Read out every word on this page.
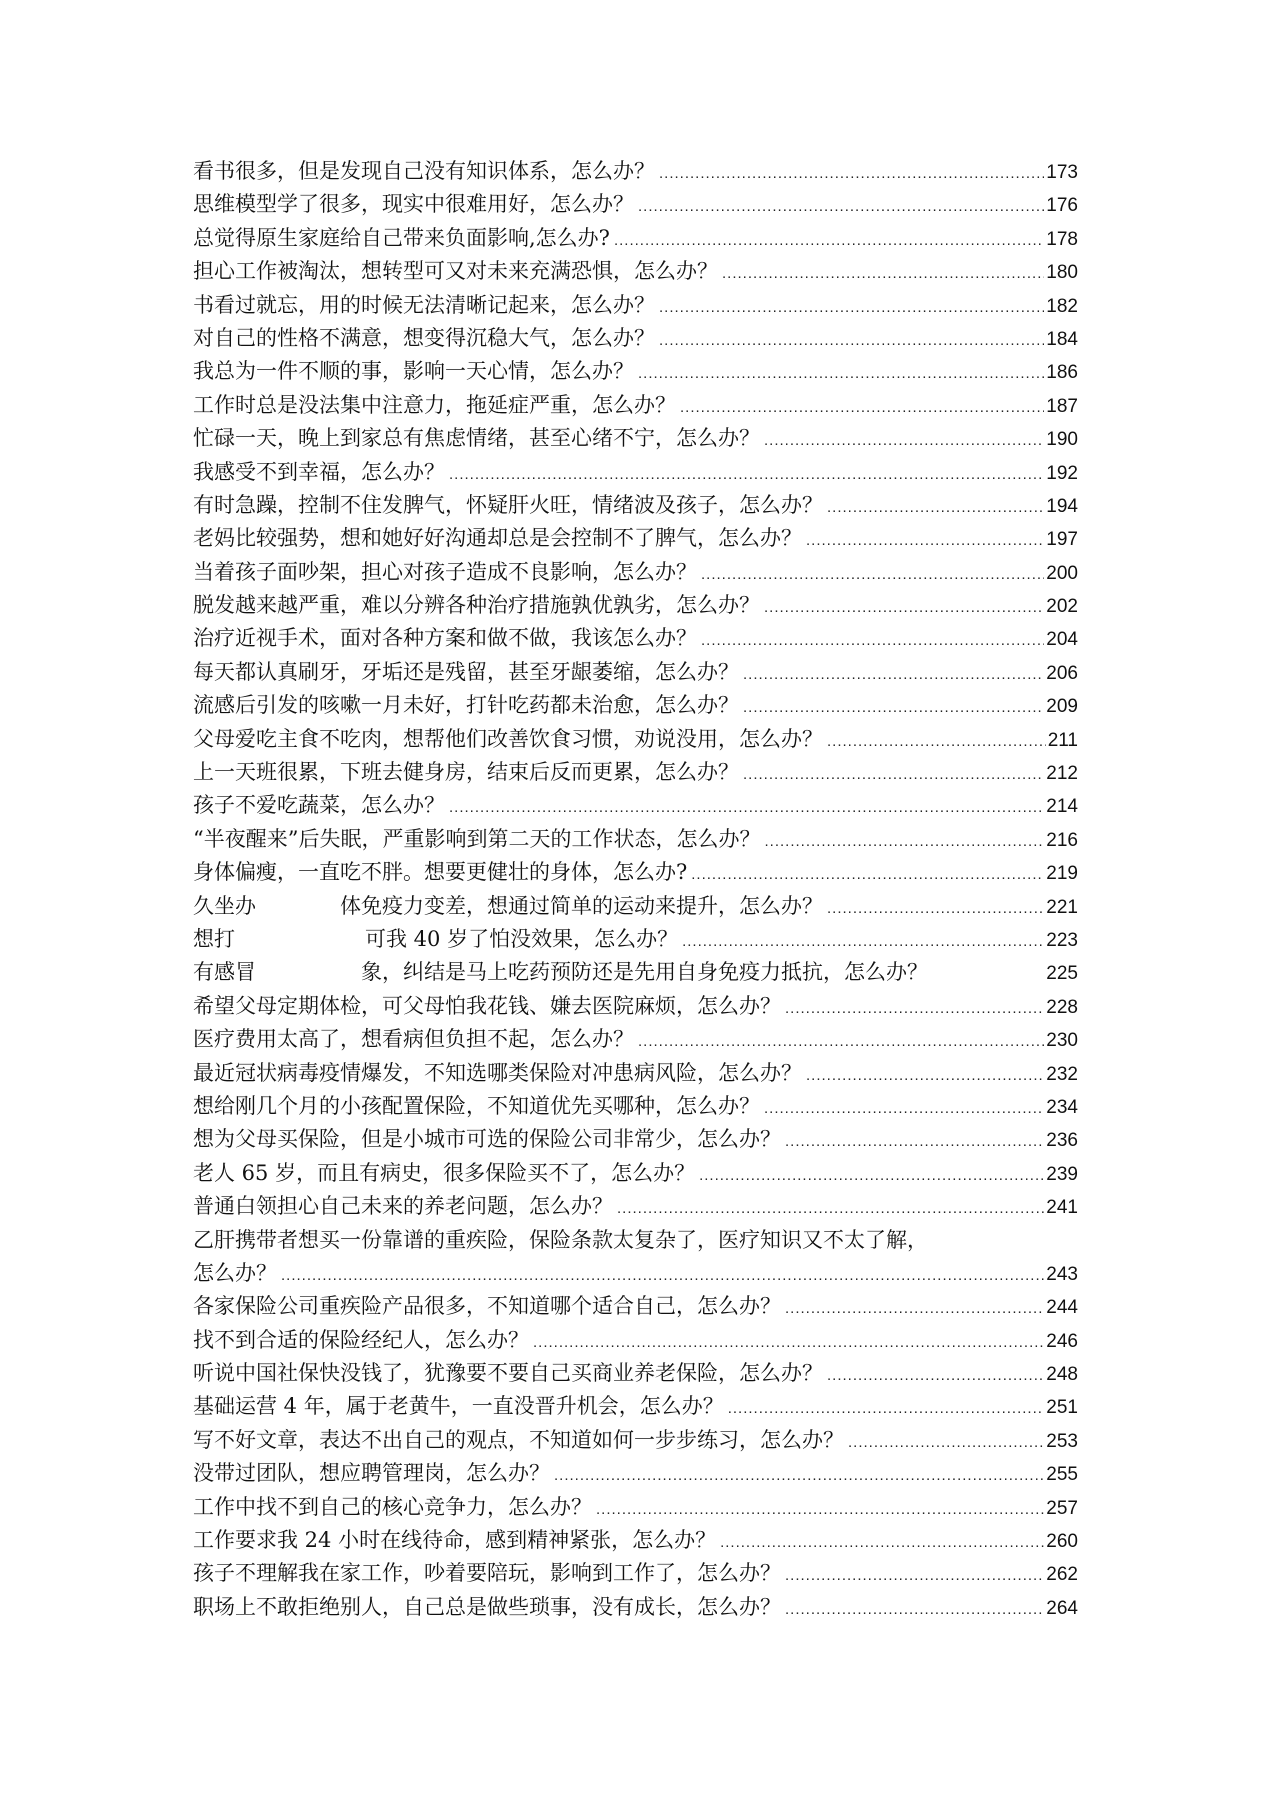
看书很多，但是发现自己没有知识体系，怎么办？ .....	173
思维模型学了很多，现实中很难用好，怎么办？ .....	176
总觉得原生家庭给自己带来负面影响,怎么办? .....	178
担心工作被淘汰，想转型可又对未来充满恐惧，怎么办？ .....	180
书看过就忘，用的时候无法清晰记起来，怎么办？ .....	182
对自己的性格不满意，想变得沉稳大气，怎么办？ .....	184
我总为一件不顺的事，影响一天心情，怎么办？ .....	186
工作时总是没法集中注意力，拖延症严重，怎么办？ .....	187
忙碌一天，晚上到家总有焦虑情绪，甚至心绪不宁，怎么办？ .....	190
我感受不到幸福，怎么办？ .....	192
有时急躁，控制不住发脾气，怀疑肝火旺，情绪波及孩子，怎么办？ .....	194
老妈比较强势，想和她好好沟通却总是会控制不了脾气，怎么办？ .....	197
当着孩子面吵架，担心对孩子造成不良影响，怎么办？ .....	200
脱发越来越严重，难以分辨各种治疗措施孰优孰劣，怎么办？ .....	202
治疗近视手术，面对各种方案和做不做，我该怎么办？ .....	204
每天都认真刷牙，牙垢还是残留，甚至牙龈萎缩，怎么办？ .....	206
流感后引发的咳嗽一月未好，打针吃药都未治愈，怎么办？ .....	209
父母爱吃主食不吃肉，想帮他们改善饮食习惯，劝说没用，怎么办？ .....	211
上一天班很累，下班去健身房，结束后反而更累，怎么办？ .....	212
孩子不爱吃蔬菜，怎么办？ .....	214
“半夜醒来”后失眠，严重影响到第二天的工作状态，怎么办？ .....	216
身体偏瘦，一直吃不胖。想要更健壮的身体，怎么办? .....	219
久坐办	体免疫力变差，想通过简单的运动来提升，怎么办？ .....	221
想打	可我 40 岁了怕没效果，怎么办？ .....	223
有感冒	象，纠结是马上吃药预防还是先用自身免疫力抵抗，怎么办？	225
希望父母定期体检，可父母怕我花钱、嫌去医院麻烦，怎么办？ .....	228
医疗费用太高了，想看病但负担不起，怎么办？ .....	230
最近冠状病毒疫情爆发，不知选哪类保险对冲患病风险，怎么办？ .....	232
想给刚几个月的小孩配置保险，不知道优先买哪种，怎么办？ .....	234
想为父母买保险，但是小城市可选的保险公司非常少，怎么办？ .....	236
老人 65 岁，而且有病史，很多保险买不了，怎么办？ .....	239
普通白领担心自己未来的养老问题，怎么办？ .....	241
乙肝携带者想买一份靠谱的重疾险，保险条款太复杂了，医疗知识又不太了解，
怎么办？ .....	243
各家保险公司重疾险产品很多，不知道哪个适合自己，怎么办？ .....	244
找不到合适的保险经纪人，怎么办？ .....	246
听说中国社保快没钱了，犹豫要不要自己买商业养老保险，怎么办？ .....	248
基础运营 4 年，属于老黄牛，一直没晋升机会，怎么办？ .....	251
写不好文章，表达不出自己的观点，不知道如何一步步练习，怎么办？ .....	253
没带过团队，想应聘管理岗，怎么办？ .....	255
工作中找不到自己的核心竞争力，怎么办？ .....	257
工作要求我 24 小时在线待命，感到精神紧张，怎么办？ .....	260
孩子不理解我在家工作，吵着要陪玩，影响到工作了，怎么办？ .....	262
职场上不敢拒绝别人，自己总是做些琐事，没有成长，怎么办？ .....	264
